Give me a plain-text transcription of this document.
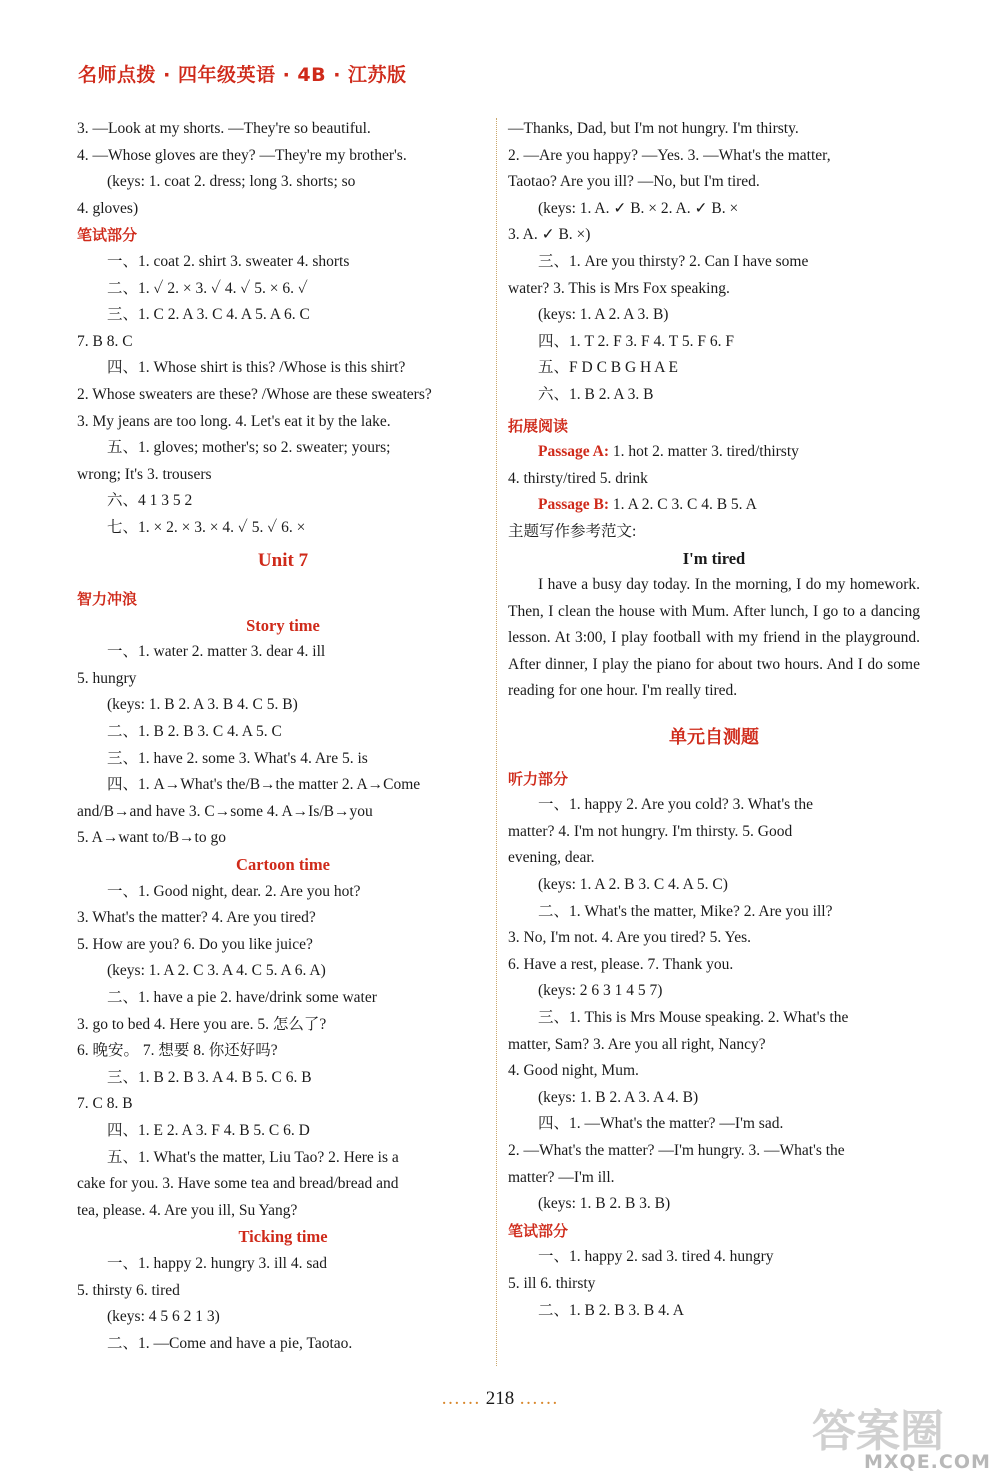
名师点拨 · 四年级英语 · 4B · 江苏版
3. —Look at my shorts. —They're so beautiful.
4. —Whose gloves are they? —They're my brother's.
(keys: 1. coat 2. dress; long 3. shorts; so
4. gloves)
笔试部分
一、1. coat 2. shirt 3. sweater 4. shorts
二、1. ✓ 2. × 3. ✓ 4. ✓ 5. × 6. ✓
三、1. C 2. A 3. C 4. A 5. A 6. C
7. B 8. C
四、1. Whose shirt is this? /Whose is this shirt?
2. Whose sweaters are these? /Whose are these sweaters?
3. My jeans are too long. 4. Let's eat it by the lake.
五、1. gloves; mother's; so 2. sweater; yours;
wrong; It's 3. trousers
六、4 1 3 5 2
七、1. × 2. × 3. × 4. ✓ 5. ✓ 6. ×
Unit 7
智力冲浪
Story time
一、1. water 2. matter 3. dear 4. ill
5. hungry
(keys: 1. B 2. A 3. B 4. C 5. B)
二、1. B 2. B 3. C 4. A 5. C
三、1. have 2. some 3. What's 4. Are 5. is
四、1. A→What's the/B→the matter 2. A→Come
and/B→and have 3. C→some 4. A→Is/B→you
5. A→want to/B→to go
Cartoon time
一、1. Good night, dear. 2. Are you hot?
3. What's the matter? 4. Are you tired?
5. How are you? 6. Do you like juice?
(keys: 1. A 2. C 3. A 4. C 5. A 6. A)
二、1. have a pie 2. have/drink some water
3. go to bed 4. Here you are. 5. 怎么了?
6. 晚安。 7. 想要 8. 你还好吗?
三、1. B 2. B 3. A 4. B 5. C 6. B
7. C 8. B
四、1. E 2. A 3. F 4. B 5. C 6. D
五、1. What's the matter, Liu Tao? 2. Here is a
cake for you. 3. Have some tea and bread/bread and
tea, please. 4. Are you ill, Su Yang?
Ticking time
一、1. happy 2. hungry 3. ill 4. sad
5. thirsty 6. tired
(keys: 4 5 6 2 1 3)
二、1. —Come and have a pie, Taotao.
—Thanks, Dad, but I'm not hungry. I'm thirsty.
2. —Are you happy? —Yes. 3. —What's the matter,
Taotao? Are you ill? —No, but I'm tired.
(keys: 1. A. ✓ B. × 2. A. ✓ B. ×
3. A. ✓ B. ×)
三、1. Are you thirsty? 2. Can I have some
water? 3. This is Mrs Fox speaking.
(keys: 1. A 2. A 3. B)
四、1. T 2. F 3. F 4. T 5. F 6. F
五、F D C B G H A E
六、1. B 2. A 3. B
拓展阅读
Passage A: 1. hot 2. matter 3. tired/thirsty
4. thirsty/tired 5. drink
Passage B: 1. A 2. C 3. C 4. B 5. A
主题写作参考范文:
I'm tired
I have a busy day today. In the morning, I do my homework. Then, I clean the house with Mum. After lunch, I go to a dancing lesson. At 3:00, I play football with my friend in the playground. After dinner, I play the piano for about two hours. And I do some reading for one hour. I'm really tired.
单元自测题
听力部分
一、1. happy 2. Are you cold? 3. What's the
matter? 4. I'm not hungry. I'm thirsty. 5. Good
evening, dear.
(keys: 1. A 2. B 3. C 4. A 5. C)
二、1. What's the matter, Mike? 2. Are you ill?
3. No, I'm not. 4. Are you tired? 5. Yes.
6. Have a rest, please. 7. Thank you.
(keys: 2 6 3 1 4 5 7)
三、1. This is Mrs Mouse speaking. 2. What's the
matter, Sam? 3. Are you all right, Nancy?
4. Good night, Mum.
(keys: 1. B 2. A 3. A 4. B)
四、1. —What's the matter? —I'm sad.
2. —What's the matter? —I'm hungry. 3. —What's the
matter? —I'm ill.
(keys: 1. B 2. B 3. B)
笔试部分
一、1. happy 2. sad 3. tired 4. hungry
5. ill 6. thirsty
二、1. B 2. B 3. B 4. A
…… 218 ……
答案圈
MXQE.COM
